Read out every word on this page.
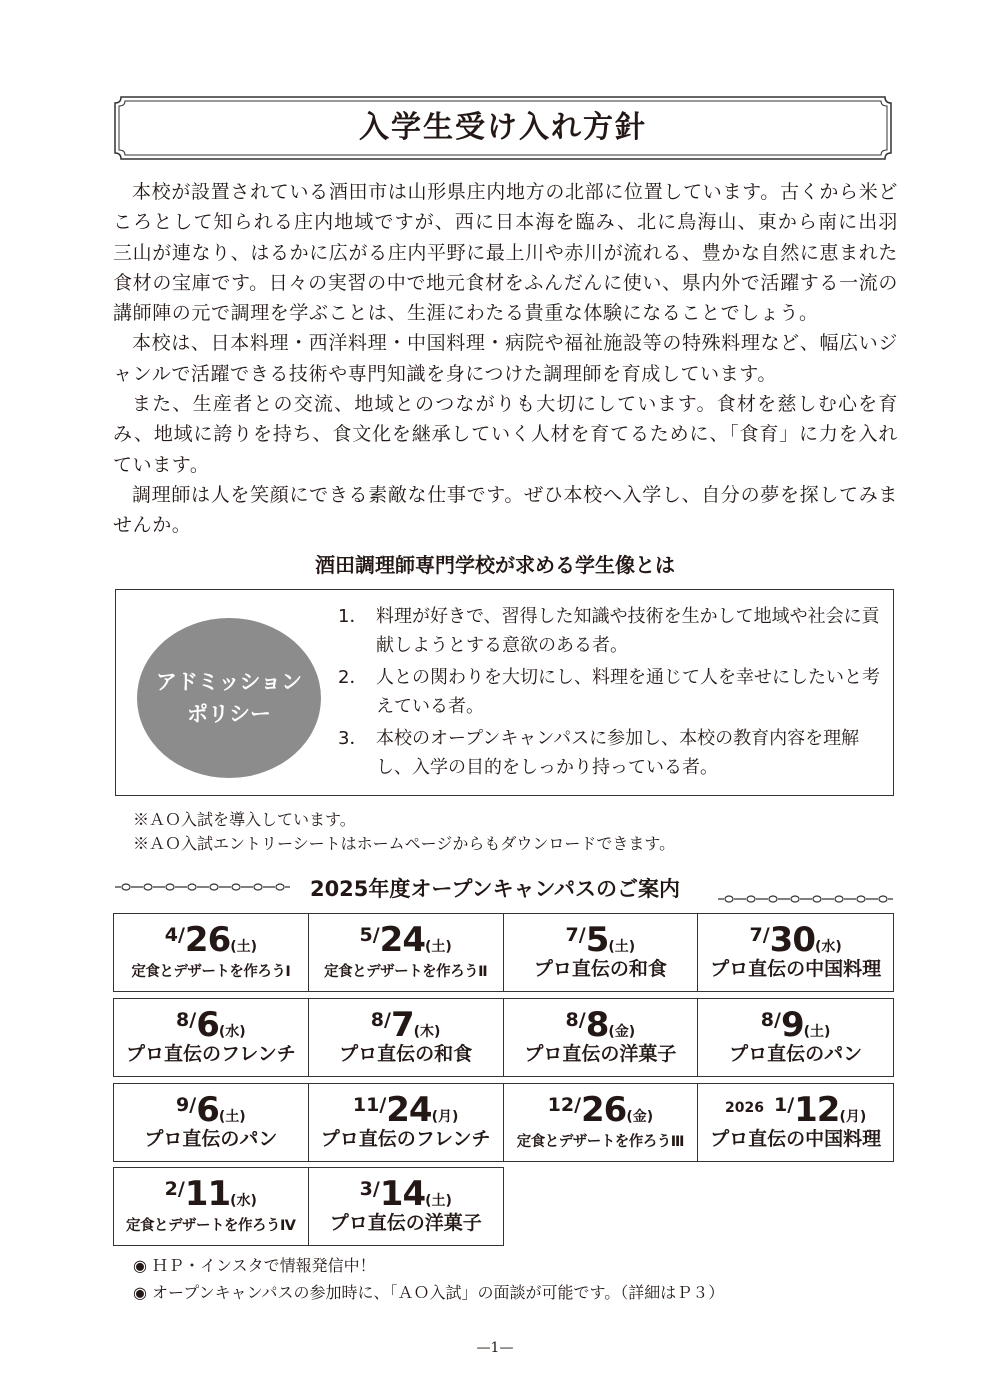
入学生受け入れ方針

本校が設置されている酒田市は山形県庄内地方の北部に位置しています。古くから米どころとして知られる庄内地域ですが、西に日本海を臨み、北に鳥海山、東から南に出羽三山が連なり、はるかに広がる庄内平野に最上川や赤川が流れる、豊かな自然に恵まれた食材の宝庫です。日々の実習の中で地元食材をふんだんに使い、県内外で活躍する一流の講師陣の元で調理を学ぶことは、生涯にわたる貴重な体験になることでしょう。

本校は、日本料理・西洋料理・中国料理・病院や福祉施設等の特殊料理など、幅広いジャンルで活躍できる技術や専門知識を身につけた調理師を育成しています。

また、生産者との交流、地域とのつながりも大切にしています。食材を慈しむ心を育み、地域に誇りを持ち、食文化を継承していく人材を育てるために、「食育」に力を入れています。

調理師は人を笑顔にできる素敵な仕事です。ぜひ本校へ入学し、自分の夢を探してみませんか。

酒田調理師専門学校が求める学生像とは
アドミッション
ポリシー
1． 料理が好きで、習得した知識や技術を生かして地域や社会に貢献しようとする意欲のある者。
2． 人との関わりを大切にし、料理を通じて人を幸せにしたいと考えている者。
3． 本校のオープンキャンパスに参加し、本校の教育内容を理解し、入学の目的をしっかり持っている者。
※ＡＯ入試を導入しています。
※ＡＯ入試エントリーシートはホームページからもダウンロードできます。
2025年度オープンキャンパスのご案内
4/26(土)
定食とデザートを作ろうⅠ
5/24(土)
定食とデザートを作ろうⅡ
7/5(土)
プロ直伝の和食
7/30(水)
プロ直伝の中国料理
8/6(水)
プロ直伝のフレンチ
8/7(木)
プロ直伝の和食
8/8(金)
プロ直伝の洋菓子
8/9(土)
プロ直伝のパン
9/6(土)
プロ直伝のパン
11/24(月)
プロ直伝のフレンチ
12/26(金)
定食とデザートを作ろうⅢ
2026 1/12(月)
プロ直伝の中国料理
2/11(水)
定食とデザートを作ろうⅣ
3/14(土)
プロ直伝の洋菓子
◉ ＨＰ・インスタで情報発信中！
◉ オープンキャンパスの参加時に、「ＡＯ入試」の面談が可能です。（詳細はＰ３）
—1—
